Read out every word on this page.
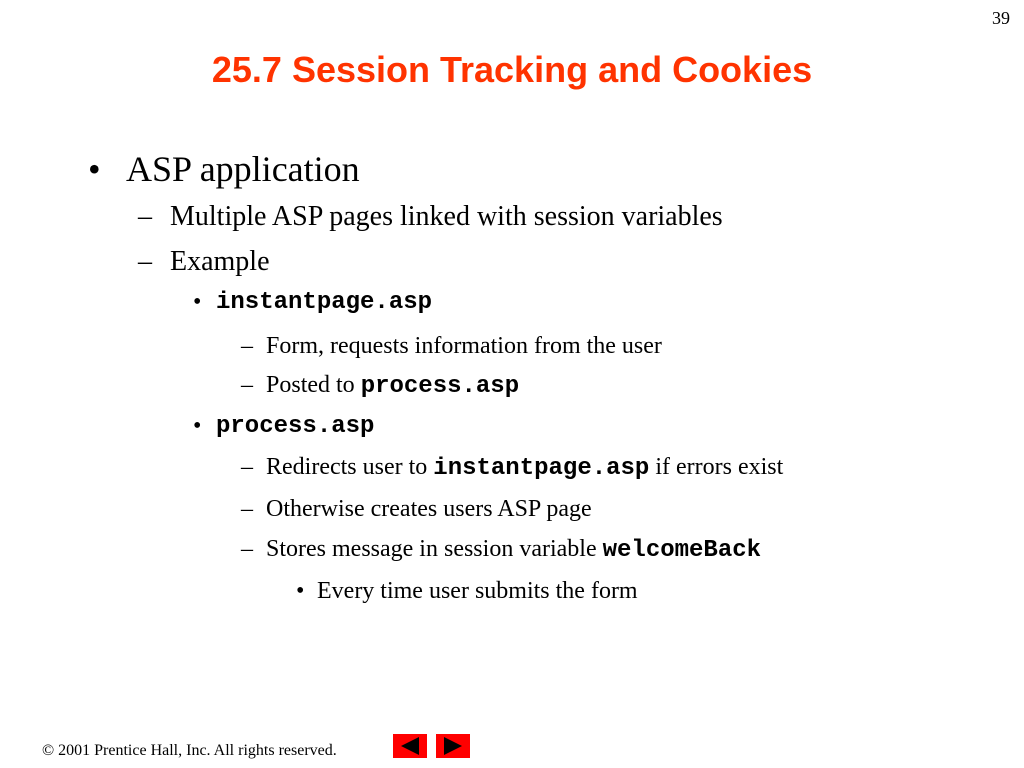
39
25.7 Session Tracking and Cookies
• ASP application
– Multiple ASP pages linked with session variables
– Example
• instantpage.asp
– Form, requests information from the user
– Posted to process.asp
• process.asp
– Redirects user to instantpage.asp if errors exist
– Otherwise creates users ASP page
– Stores message in session variable welcomeBack
• Every time user submits the form
© 2001 Prentice Hall, Inc. All rights reserved.
